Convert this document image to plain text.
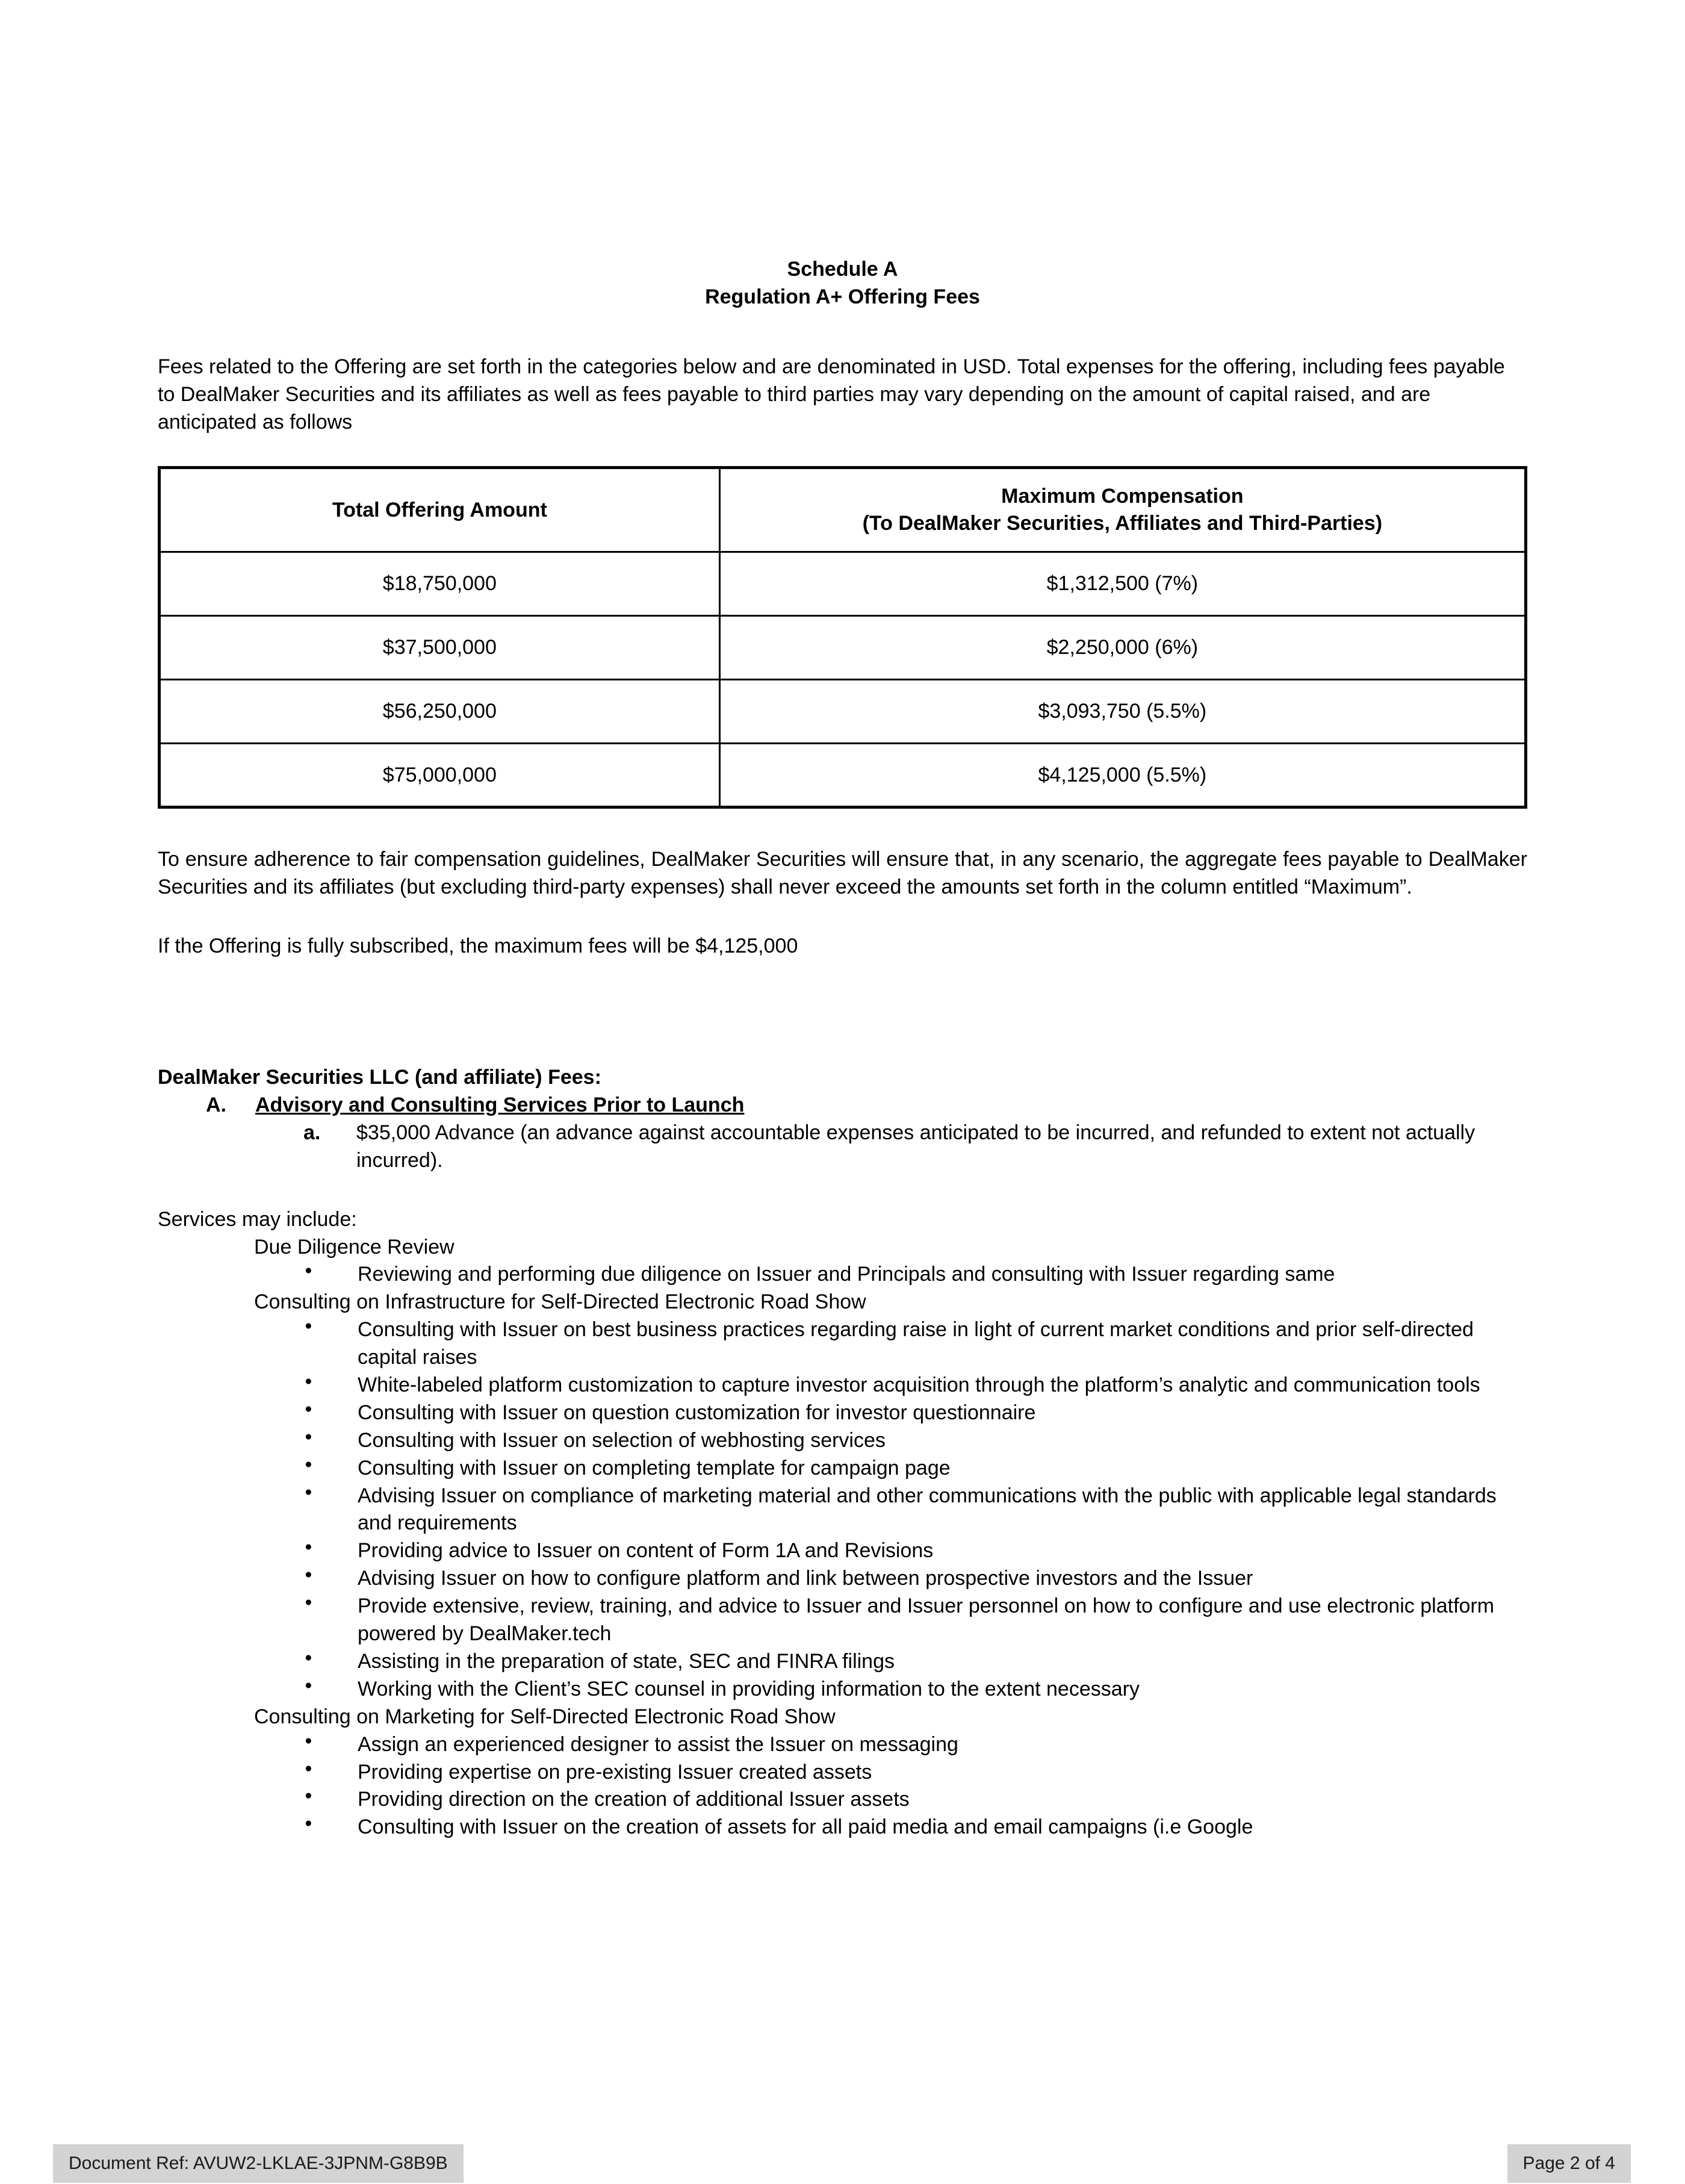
Schedule A
Regulation A+ Offering Fees

Fees related to the Offering are set forth in the categories below and are denominated in USD. Total expenses for the offering, including fees payable to DealMaker Securities and its affiliates as well as fees payable to third parties may vary depending on the amount of capital raised, and are anticipated as follows

Total Offering Amount	Maximum Compensation
(To DealMaker Securities, Affiliates and Third-Parties)

$18,750,000	$1,312,500 (7%)
$37,500,000	$2,250,000 (6%)
$56,250,000	$3,093,750 (5.5%)
$75,000,000	$4,125,000 (5.5%)

To ensure adherence to fair compensation guidelines, DealMaker Securities will ensure that, in any scenario, the aggregate fees payable to DealMaker Securities and its affiliates (but excluding third-party expenses) shall never exceed the amounts set forth in the column entitled “Maximum”.

If the Offering is fully subscribed, the maximum fees will be $4,125,000

DealMaker Securities LLC (and affiliate) Fees:
A.	Advisory and Consulting Services Prior to Launch
a.	$35,000 Advance (an advance against accountable expenses anticipated to be incurred, and refunded to extent not actually incurred).

Services may include:

Due Diligence Review
● Reviewing and performing due diligence on Issuer and Principals and consulting with Issuer regarding same
Consulting on Infrastructure for Self-Directed Electronic Road Show
● Consulting with Issuer on best business practices regarding raise in light of current market conditions and prior self-directed capital raises
● White-labeled platform customization to capture investor acquisition through the platform’s analytic and communication tools
● Consulting with Issuer on question customization for investor questionnaire
● Consulting with Issuer on selection of webhosting services
● Consulting with Issuer on completing template for campaign page
● Advising Issuer on compliance of marketing material and other communications with the public with applicable legal standards and requirements
● Providing advice to Issuer on content of Form 1A and Revisions
● Advising Issuer on how to configure platform and link between prospective investors and the Issuer
● Provide extensive, review, training, and advice to Issuer and Issuer personnel on how to configure and use electronic platform powered by DealMaker.tech
● Assisting in the preparation of state, SEC and FINRA filings
● Working with the Client’s SEC counsel in providing information to the extent necessary
Consulting on Marketing for Self-Directed Electronic Road Show
● Assign an experienced designer to assist the Issuer on messaging
● Providing expertise on pre-existing Issuer created assets
● Providing direction on the creation of additional Issuer assets
● Consulting with Issuer on the creation of assets for all paid media and email campaigns (i.e Google
Document Ref: AVUW2-LKLAE-3JPNM-G8B9B	Page 2 of 4
